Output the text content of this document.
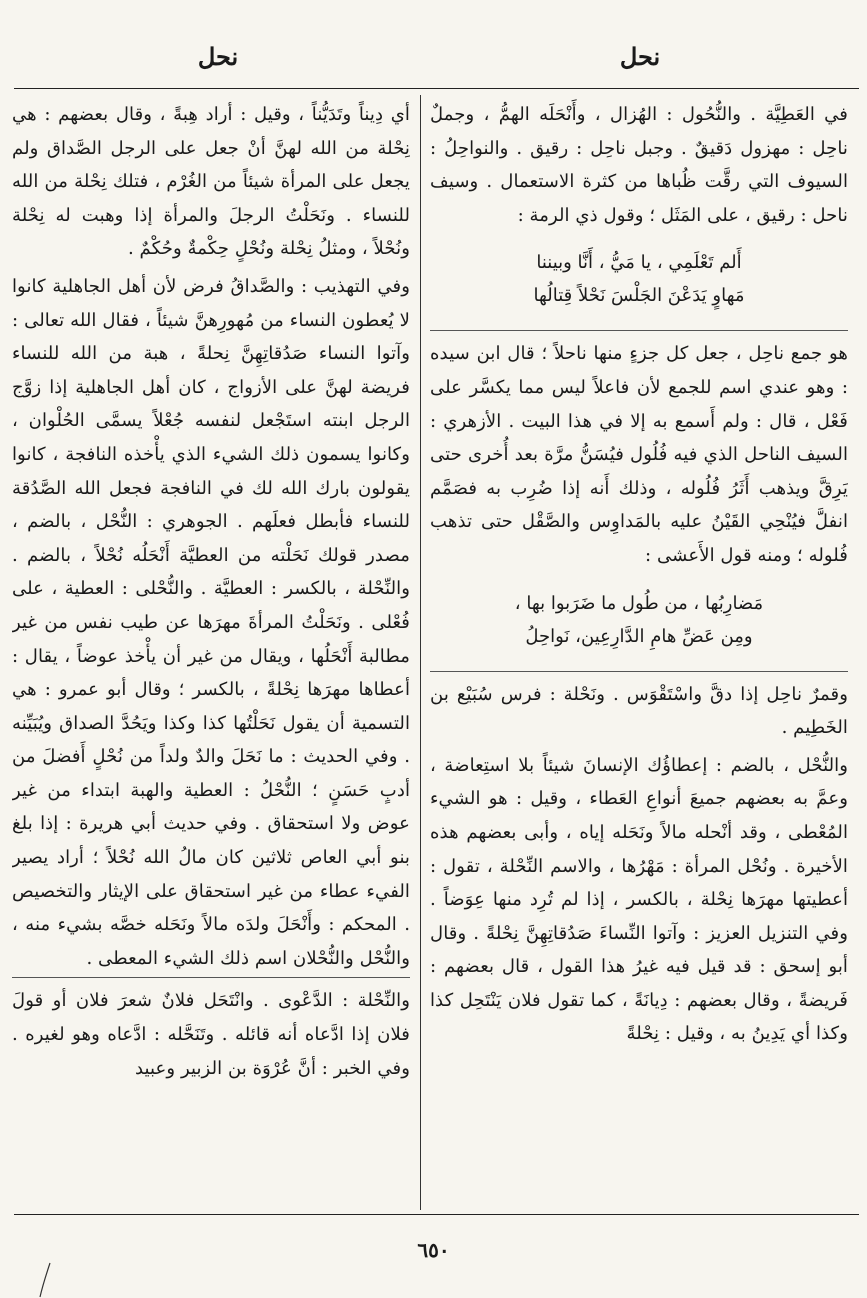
نحل
نحل

في العَطِيَّة . والنُّحُول : الهُزال ، وأَنْحَلَه الهمُّ ، وجملٌ ناحِل : مهزول دَقيقٌ . وجبل ناحِل : رقيق . والنواحِلُ : السيوف التي رقَّت ظُباها من كثرة الاستعمال . وسيف ناحل : رقيق ، على المَثَل ؛ وقول ذي الرمة :

أَلم تَعْلَمِي ، يا مَيُّ ، أَنَّا وبيننا
مَهاوٍ يَدَعْنَ الجَلْسَ نَحْلاً قِتالُها

هو جمع ناحِل ، جعل كل جزءٍ منها ناحلاً ؛ قال ابن سيده : وهو عندي اسم للجمع لأن فاعلاً ليس مما يكسَّر على فَعْل ، قال : ولم أَسمع به إلا في هذا البيت . الأزهري : السيف الناحل الذي فيه فُلُول فيُسَنُّ مرَّة بعد أُخرى حتى يَرِقَّ ويذهب أَثَرُ فُلُوله ، وذلك أَنه إذا ضُرِب به فصَمَّم انفلَّ فيُنْحِي القَيْنُ عليه بالمَداوِس والصَّقْل حتى تذهب فُلوله ؛ ومنه قول الأَعشى :

مَضارِبُها ، من طُول ما ضَرَبوا بها ،
ومِن عَضِّ هامِ الدَّارِعِين، نَواحِلُ

وقمرٌ ناحِل إذا دقَّ واسْتَقْوَس . ونَحْلة : فرس سُبَيْع بن الخَطِيم .

والنُّحْل ، بالضم : إعطاؤُك الإنسانَ شيئاً بلا استِعاضة ، وعمَّ به بعضهم جميعَ أنواعِ العَطاء ، وقيل : هو الشيء المُعْطى ، وقد أنْحله مالاً ونَحَله إياه ، وأبى بعضهم هذه الأخيرة . ونُحْل المرأة : مَهْرُها ، والاسم النِّحْلة ، تقول : أعطيتها مهرَها نِحْلة ، بالكسر ، إذا لم تُرِد منها عِوَضاً . وفي التنزيل العزيز : وآتوا النِّساءَ صَدُقاتِهِنَّ نِحْلةً . وقال أبو إسحق : قد قيل فيه غيرُ هذا القول ، قال بعضهم : فَريضةً ، وقال بعضهم : دِيانَةً ، كما تقول فلان يَنْتَحِل كذا وكذا أي يَدِينُ به ، وقيل : نِحْلةً

أي دِيناً وتَدَيُّناً ، وقيل : أراد هِبةً ، وقال بعضهم : هي نِحْلة من الله لهنَّ أنْ جعل على الرجل الصَّداق ولم يجعل على المرأة شيئاً من الغُرْم ، فتلك نِحْلة من الله للنساء . ونَحَلْتُ الرجلَ والمرأة إذا وهبت له نِحْلة ونُحْلاً ، ومثلُ نِحْلة ونُحْلٍ حِكْمةٌ وحُكْمٌ .

وفي التهذيب : والصَّداقُ فرض لأن أهل الجاهلية كانوا لا يُعطون النساء من مُهورِهنَّ شيئاً ، فقال الله تعالى : وآتوا النساء صَدُقاتِهِنَّ نِحلةً ، هبة من الله للنساء فريضة لهنَّ على الأزواج ، كان أهل الجاهلية إذا زوَّج الرجل ابنته استَجْعل لنفسه جُعْلاً يسمَّى الحُلْوان ، وكانوا يسمون ذلك الشيء الذي يأْخذه النافجة ، كانوا يقولون بارك الله لك في النافجة فجعل الله الصَّدُقة للنساء فأبطل فعلَهم . الجوهري : النُّحْل ، بالضم ، مصدر قولك نَحَلْته من العطيَّة أَنْحَلُه نُحْلاً ، بالضم . والنِّحْلة ، بالكسر : العطيَّة . والنُّحْلى : العطية ، على فُعْلى . ونَحَلْتُ المرأةَ مهرَها عن طيب نفس من غير مطالبة أَنْحَلُها ، ويقال من غير أن يأْخذ عوضاً ، يقال : أعطاها مهرَها نِحْلةً ، بالكسر ؛ وقال أبو عمرو : هي التسمية أن يقول نَحَلْتُها كذا وكذا ويَحُدَّ الصداق ويُبَيِّنه . وفي الحديث : ما نَحَلَ والدٌ ولداً من نُحْلٍ أَفضلَ من أدبٍ حَسَنٍ ؛ النُّحْلُ : العطية والهبة ابتداء من غير عوض ولا استحقاق . وفي حديث أبي هريرة : إذا بلغ بنو أبي العاص ثلاثين كان مالُ الله نُحْلاً ؛ أراد يصير الفيء عطاء من غير استحقاق على الإيثار والتخصيص . المحكم : وأَنْحَلَ ولدَه مالاً ونَحَله خصَّه بشيء منه ، والنُّحْل والنُّحْلان اسم ذلك الشيء المعطى .

والنِّحْلة : الدَّعْوى . وانْتَحَل فلانٌ شعرَ فلان أو قولَ فلان إذا ادَّعاه أنه قائله . وتَنَحَّله : ادَّعاه وهو لغيره . وفي الخبر : أنَّ عُرْوَة بن الزبير وعبيد

٦٥٠
